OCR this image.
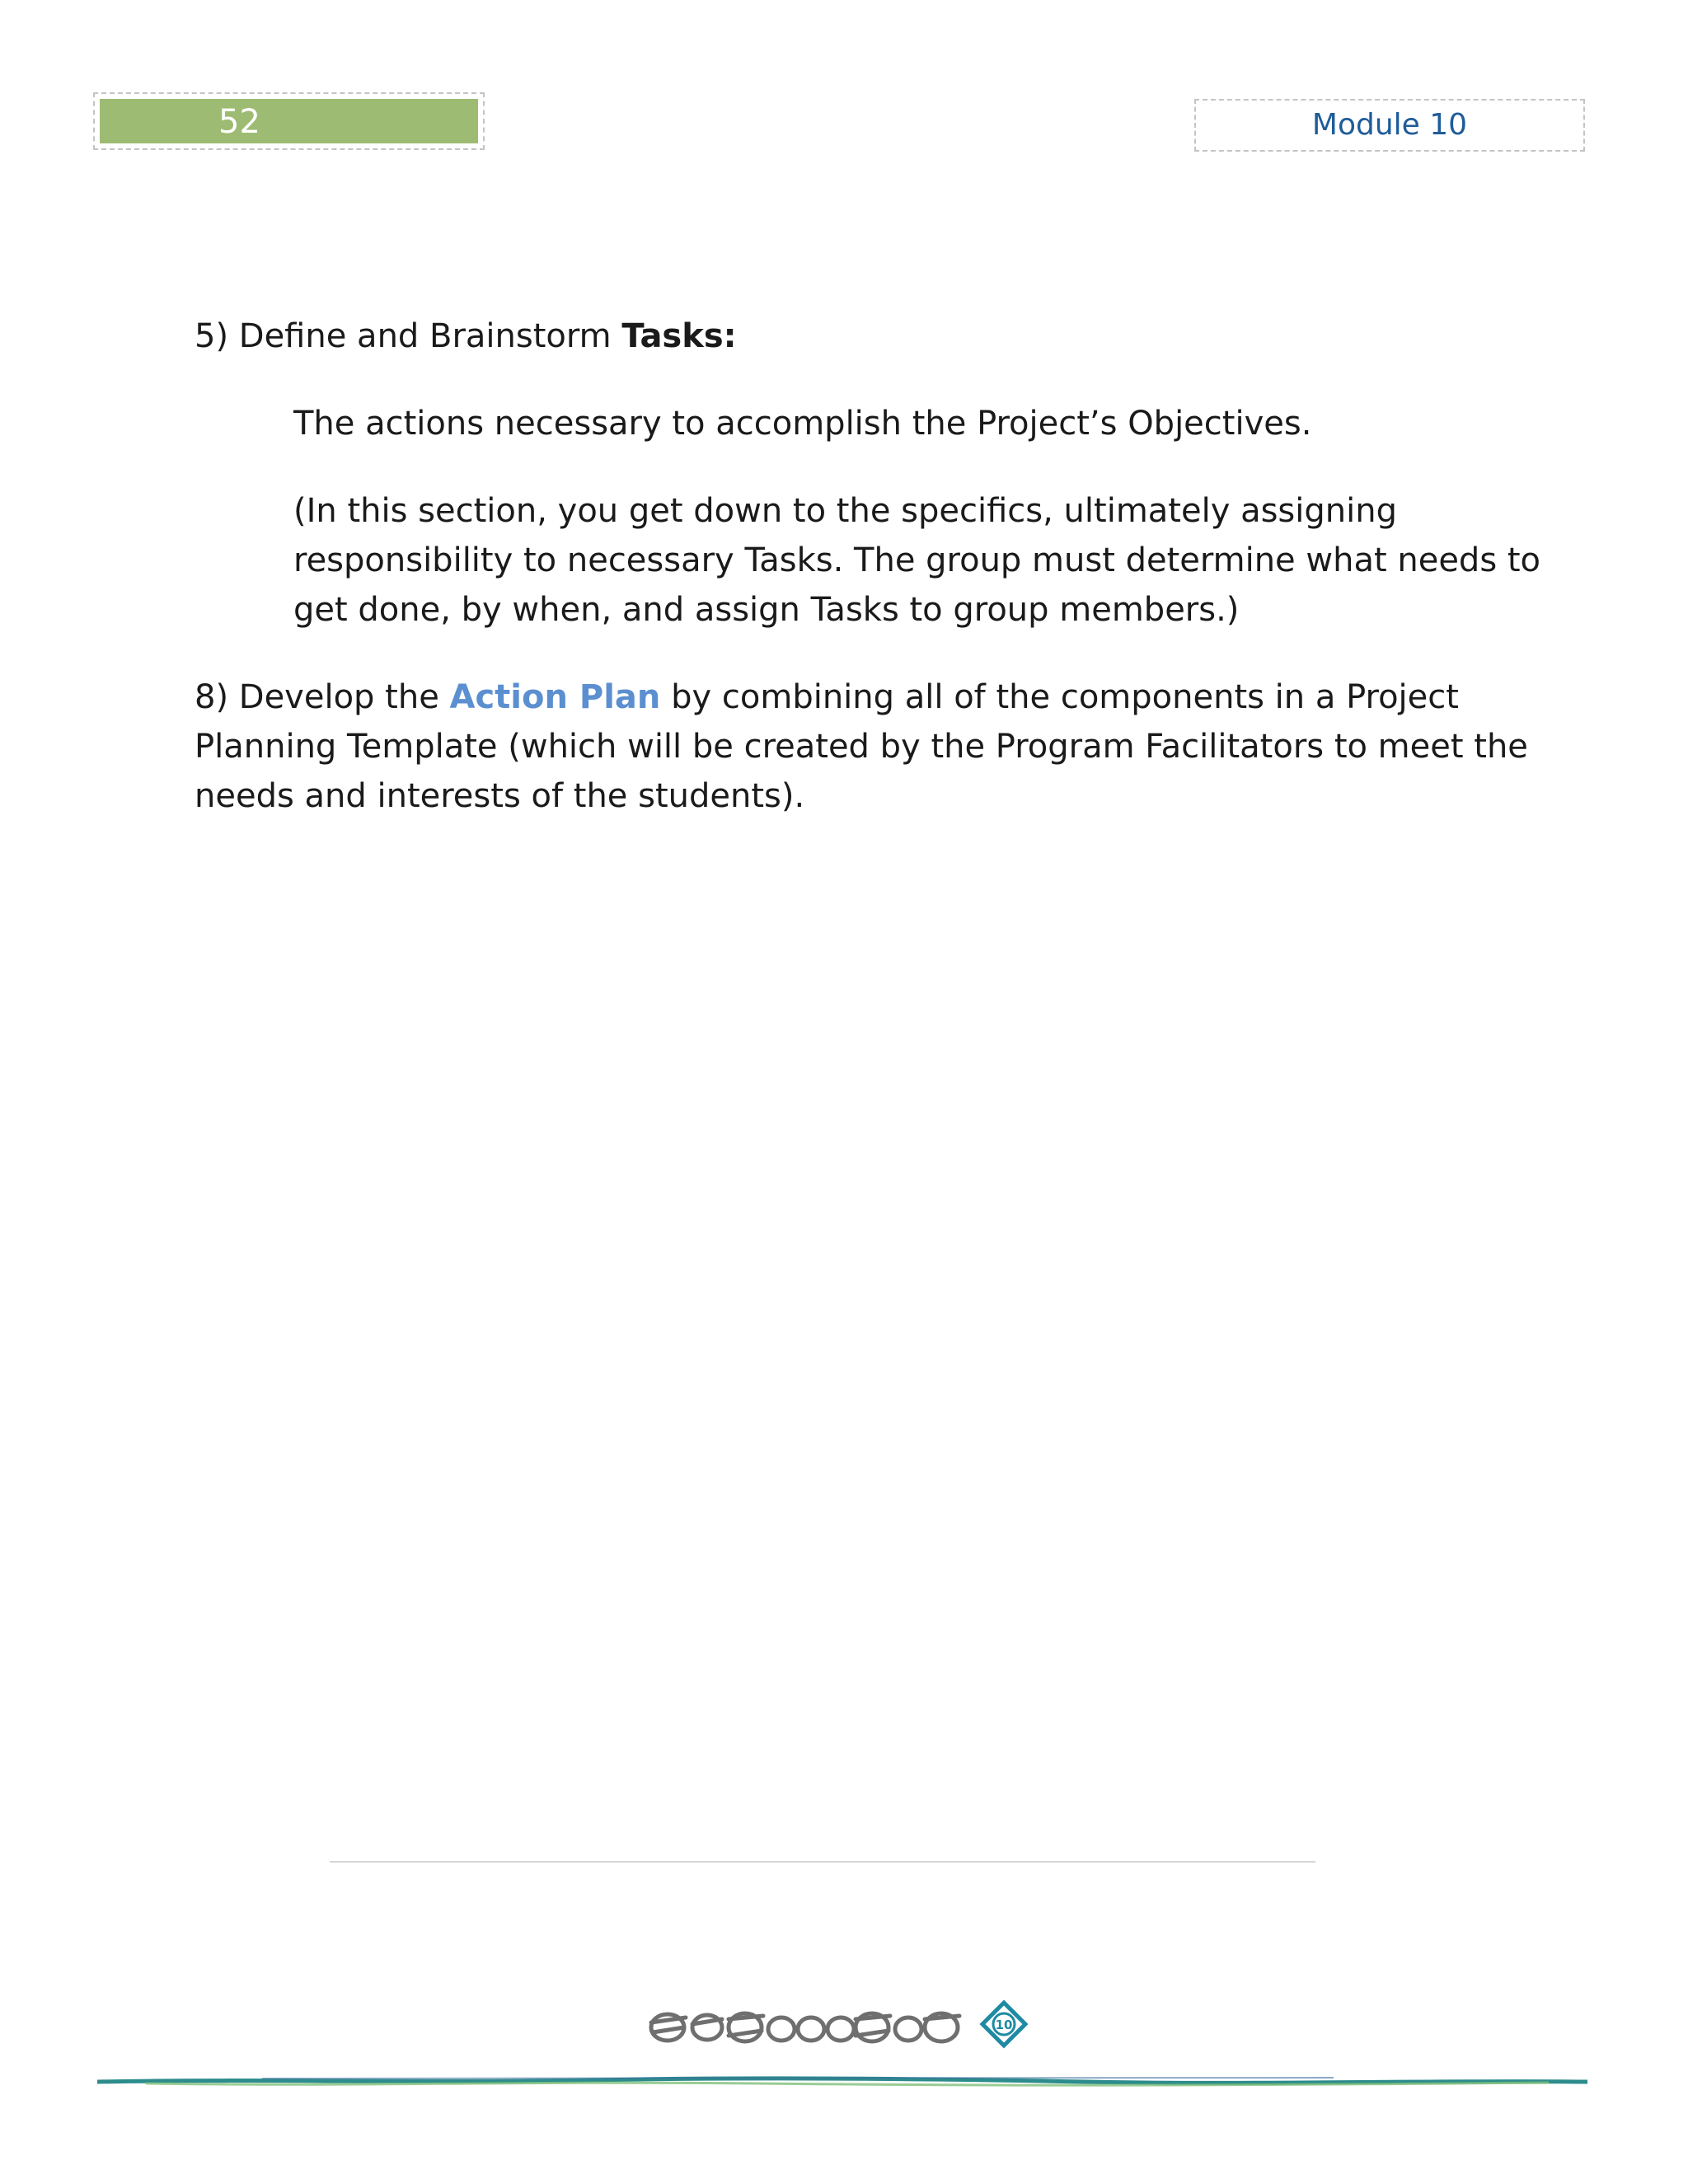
52	Module 10

5) Define and Brainstorm Tasks:

The actions necessary to accomplish the Project’s Objectives.

(In this section, you get down to the specifics, ultimately assigning responsibility to necessary Tasks. The group must determine what needs to get done, by when, and assign Tasks to group members.)

8) Develop the Action Plan by combining all of the components in a Project Planning Template (which will be created by the Program Facilitators to meet the needs and interests of the students).

10
